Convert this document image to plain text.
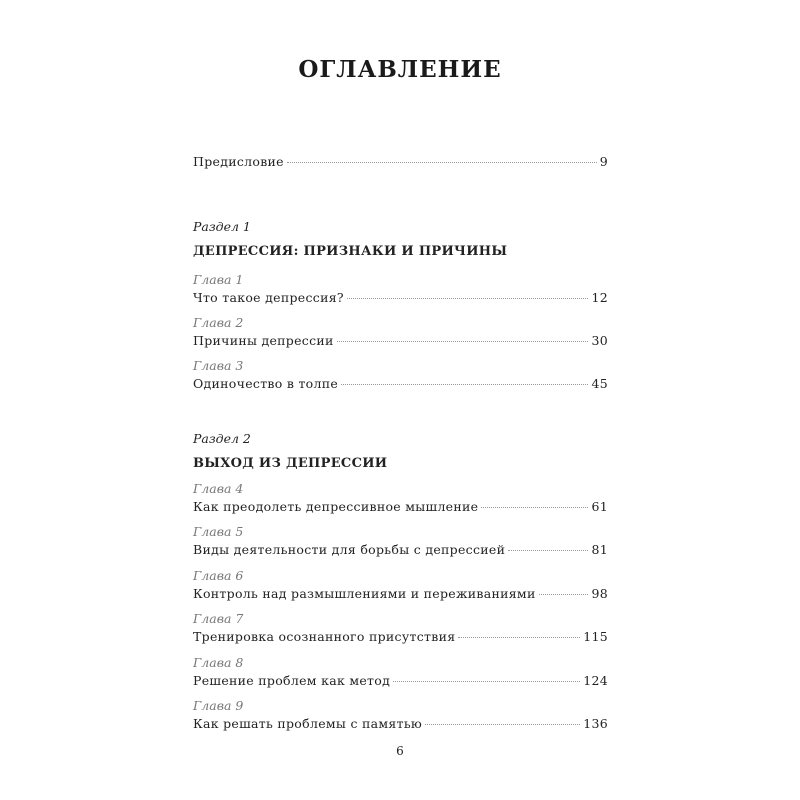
ОГЛАВЛЕНИЕ
Предисловие	9
Раздел 1
ДЕПРЕССИЯ: ПРИЗНАКИ И ПРИЧИНЫ
Раздел 2
ВЫХОД ИЗ ДЕПРЕССИИ
6
Глава 1
Что такое депрессия?	12
Глава 2
Причины депрессии	30
Глава 3
Одиночество в толпе	45
Глава 4
Как преодолеть депрессивное мышление	61
Глава 5
Виды деятельности для борьбы с депрессией	81
Глава 6
Контроль над размышлениями и переживаниями	98
Глава 7
Тренировка осознанного присутствия	115
Глава 8
Решение проблем как метод	124
Глава 9
Как решать проблемы с памятью	136
